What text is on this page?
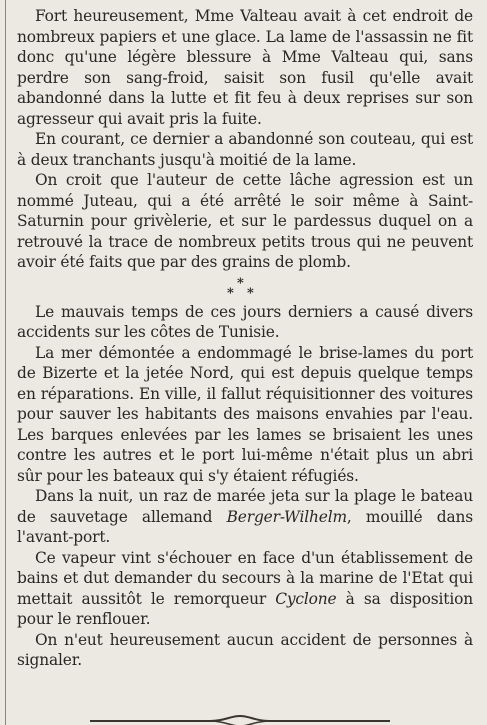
Fort heureusement, Mme Valteau avait à cet endroit de nombreux papiers et une glace. La lame de l'assassin ne fit donc qu'une légère blessure à Mme Valteau qui, sans perdre son sang-froid, saisit son fusil qu'elle avait abandonné dans la lutte et fit feu à deux reprises sur son agresseur qui avait pris la fuite.

En courant, ce dernier a abandonné son couteau, qui est à deux tranchants jusqu'à moitié de la lame.

On croit que l'auteur de cette lâche agression est un nommé Juteau, qui a été arrêté le soir même à Saint-Saturnin pour grivèlerie, et sur le pardessus duquel on a retrouvé la trace de nombreux petits trous qui ne peuvent avoir été faits que par des grains de plomb.

*
* *

Le mauvais temps de ces jours derniers a causé divers accidents sur les côtes de Tunisie.

La mer démontée a endommagé le brise-lames du port de Bizerte et la jetée Nord, qui est depuis quelque temps en réparations. En ville, il fallut réquisitionner des voitures pour sauver les habitants des maisons envahies par l'eau. Les barques enlevées par les lames se brisaient les unes contre les autres et le port lui-même n'était plus un abri sûr pour les bateaux qui s'y étaient réfugiés.

Dans la nuit, un raz de marée jeta sur la plage le bateau de sauvetage allemand Berger-Wilhelm, mouillé dans l'avant-port.

Ce vapeur vint s'échouer en face d'un établissement de bains et dut demander du secours à la marine de l'Etat qui mettait aussitôt le remorqueur Cyclone à sa disposition pour le renflouer.

On n'eut heureusement aucun accident de personnes à signaler.
